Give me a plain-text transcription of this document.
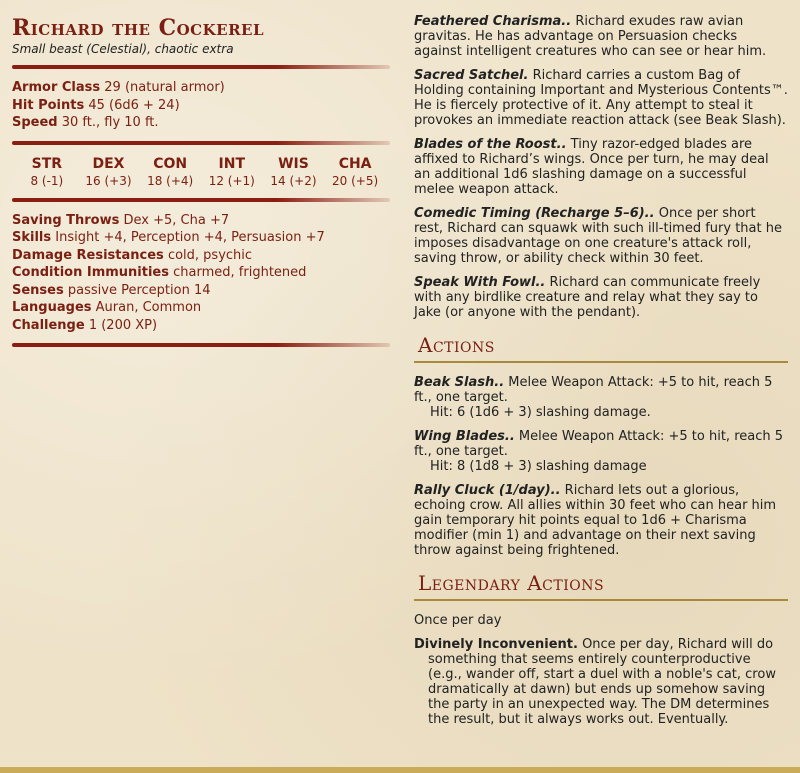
Richard the Cockerel
Small beast (Celestial), chaotic extra
Armor Class 29 (natural armor)
Hit Points 45 (6d6 + 24)
Speed 30 ft., fly 10 ft.
STR
8 (-1)
DEX
16 (+3)
CON
18 (+4)
INT
12 (+1)
WIS
14 (+2)
CHA
20 (+5)
Saving Throws Dex +5, Cha +7
Skills Insight +4, Perception +4, Persuasion +7
Damage Resistances cold, psychic
Condition Immunities charmed, frightened
Senses passive Perception 14
Languages Auran, Common
Challenge 1 (200 XP)

Feathered Charisma.. Richard exudes raw avian gravitas. He has advantage on Persuasion checks against intelligent creatures who can see or hear him.

Sacred Satchel. Richard carries a custom Bag of Holding containing Important and Mysterious Contents™. He is fiercely protective of it. Any attempt to steal it provokes an immediate reaction attack (see Beak Slash).

Blades of the Roost.. Tiny razor-edged blades are affixed to Richard’s wings. Once per turn, he may deal an additional 1d6 slashing damage on a successful melee weapon attack.

Comedic Timing (Recharge 5–6).. Once per short rest, Richard can squawk with such ill-timed fury that he imposes disadvantage on one creature's attack roll, saving throw, or ability check within 30 feet.

Speak With Fowl.. Richard can communicate freely with any birdlike creature and relay what they say to Jake (or anyone with the pendant).

Actions

Beak Slash.. Melee Weapon Attack: +5 to hit, reach 5 ft., one target.
Hit: 6 (1d6 + 3) slashing damage.

Wing Blades.. Melee Weapon Attack: +5 to hit, reach 5 ft., one target.
Hit: 8 (1d8 + 3) slashing damage

Rally Cluck (1/day).. Richard lets out a glorious, echoing crow. All allies within 30 feet who can hear him gain temporary hit points equal to 1d6 + Charisma modifier (min 1) and advantage on their next saving throw against being frightened.

Legendary Actions

Once per day

Divinely Inconvenient. Once per day, Richard will do
something that seems entirely counterproductive (e.g., wander off, start a duel with a noble's cat, crow dramatically at dawn) but ends up somehow saving the party in an unexpected way. The DM determines the result, but it always works out. Eventually.
